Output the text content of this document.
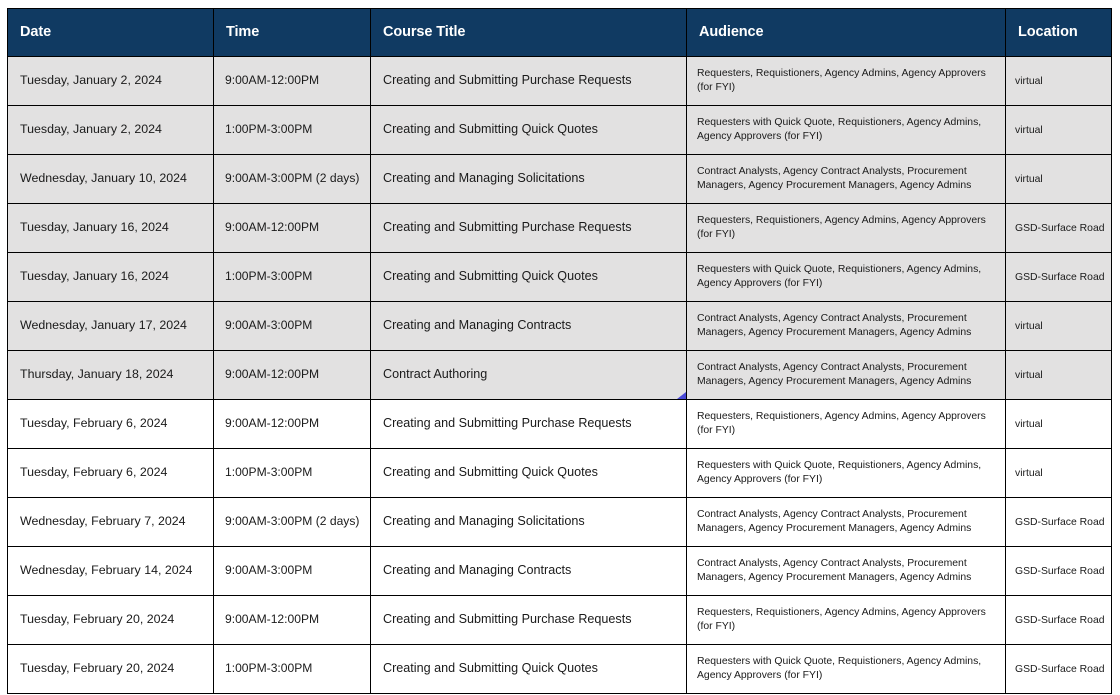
Date	Time	Course Title	Audience	Location
Tuesday, January 2, 2024	9:00AM-12:00PM	Creating and Submitting Purchase Requests	Requesters, Requistioners, Agency Admins, Agency Approvers (for FYI)	virtual
Tuesday, January 2, 2024	1:00PM-3:00PM	Creating and Submitting Quick Quotes	Requesters with Quick Quote, Requistioners, Agency Admins, Agency Approvers (for FYI)	virtual
Wednesday, January 10, 2024	9:00AM-3:00PM (2 days)	Creating and Managing Solicitations	Contract Analysts, Agency Contract Analysts, Procurement Managers, Agency Procurement Managers, Agency Admins	virtual
Tuesday, January 16, 2024	9:00AM-12:00PM	Creating and Submitting Purchase Requests	Requesters, Requistioners, Agency Admins, Agency Approvers (for FYI)	GSD-Surface Road
Tuesday, January 16, 2024	1:00PM-3:00PM	Creating and Submitting Quick Quotes	Requesters with Quick Quote, Requistioners, Agency Admins, Agency Approvers (for FYI)	GSD-Surface Road
Wednesday, January 17, 2024	9:00AM-3:00PM	Creating and Managing Contracts	Contract Analysts, Agency Contract Analysts, Procurement Managers, Agency Procurement Managers, Agency Admins	virtual
Thursday, January 18, 2024	9:00AM-12:00PM	Contract Authoring	Contract Analysts, Agency Contract Analysts, Procurement Managers, Agency Procurement Managers, Agency Admins	virtual
Tuesday, February 6, 2024	9:00AM-12:00PM	Creating and Submitting Purchase Requests	Requesters, Requistioners, Agency Admins, Agency Approvers (for FYI)	virtual
Tuesday, February 6, 2024	1:00PM-3:00PM	Creating and Submitting Quick Quotes	Requesters with Quick Quote, Requistioners, Agency Admins, Agency Approvers (for FYI)	virtual
Wednesday, February 7, 2024	9:00AM-3:00PM (2 days)	Creating and Managing Solicitations	Contract Analysts, Agency Contract Analysts, Procurement Managers, Agency Procurement Managers, Agency Admins	GSD-Surface Road
Wednesday, February 14, 2024	9:00AM-3:00PM	Creating and Managing Contracts	Contract Analysts, Agency Contract Analysts, Procurement Managers, Agency Procurement Managers, Agency Admins	GSD-Surface Road
Tuesday, February 20, 2024	9:00AM-12:00PM	Creating and Submitting Purchase Requests	Requesters, Requistioners, Agency Admins, Agency Approvers (for FYI)	GSD-Surface Road
Tuesday, February 20, 2024	1:00PM-3:00PM	Creating and Submitting Quick Quotes	Requesters with Quick Quote, Requistioners, Agency Admins, Agency Approvers (for FYI)	GSD-Surface Road
